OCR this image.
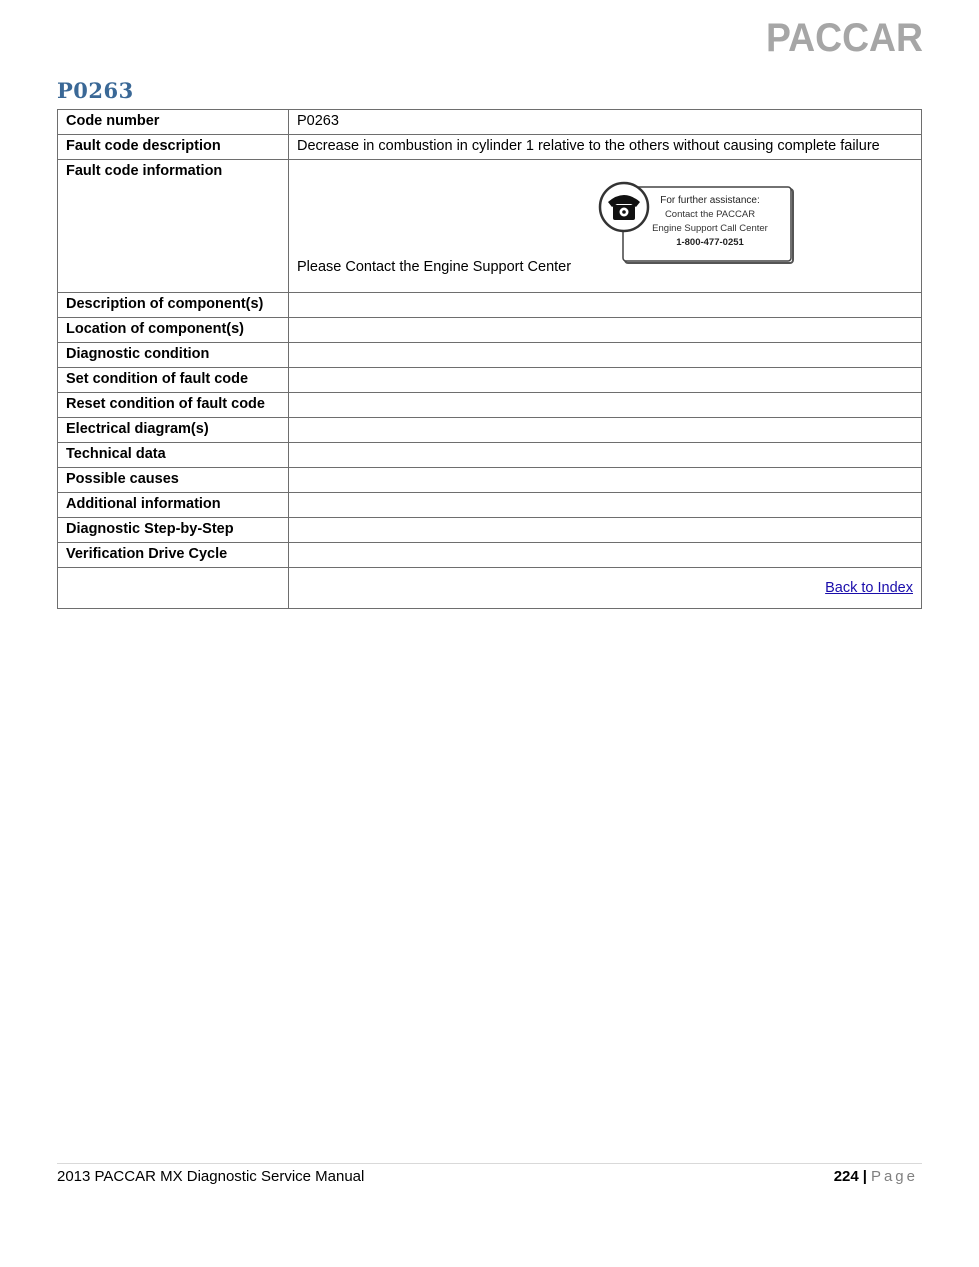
PACCAR
P0263
Code number	P0263
Fault code description	Decrease in combustion in cylinder 1 relative to the others without causing complete failure
Fault code information	Please Contact the Engine Support Center
For further assistance:
Contact the PACCAR
Engine Support Call Center
1-800-477-0251

Description of component(s)	
Location of component(s)	
Diagnostic condition	
Set condition of fault code	
Reset condition of fault code	
Electrical diagram(s)	
Technical data	
Possible causes	
Additional information	
Diagnostic Step-by-Step	
Verification Drive Cycle	

	Back to Index
2013 PACCAR MX Diagnostic Service Manual	224 | Page
